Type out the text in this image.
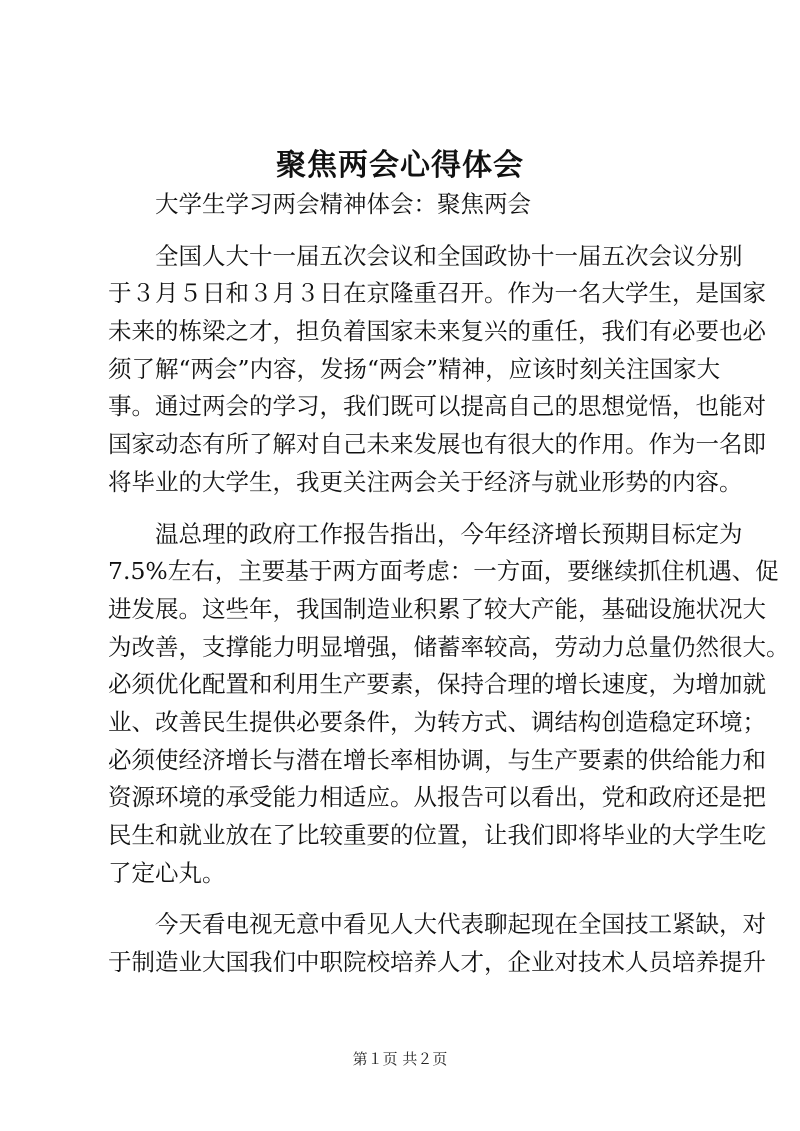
聚焦两会心得体会
大学生学习两会精神体会：聚焦两会
全 国 人 大 十 一 届 五 次 会 议 和 全 国 政 协 十 一 届 五 次 会 议 分 别
于 ３ 月 ５ 日 和 ３ 月 ３ 日 在 京 隆 重 召 开 。 作 为 一 名 大 学 生 ， 是 国 家
未 来 的 栋 梁 之 才 ， 担 负 着 国 家 未 来 复 兴 的 重 任 ， 我 们 有 必 要 也 必
须 了 解 “ 两 会 ” 内 容 ， 发 扬 “ 两 会 ” 精 神 ， 应 该 时 刻 关 注 国 家 大
事 。 通 过 两 会 的 学 习 ， 我 们 既 可 以 提 高 自 己 的 思 想 觉 悟 ， 也 能 对
国 家 动 态 有 所 了 解 对 自 己 未 来 发 展 也 有 很 大 的 作 用 。 作 为 一 名 即
将毕业的大学生，我更关注两会关于经济与就业形势的内容。
温 总 理 的 政 府 工 作 报 告 指 出 ， 今 年 经 济 增 长 预 期 目 标 定 为
7 . 5 % 左 右 ， 主 要 基 于 两 方 面 考 虑 ： 一 方 面 ， 要 继 续 抓 住 机 遇 、 促
进 发 展 。 这 些 年 ， 我 国 制 造 业 积 累 了 较 大 产 能 ， 基 础 设 施 状 况 大
为 改 善 ， 支 撑 能 力 明 显 增 强 ， 储 蓄 率 较 高 ， 劳 动 力 总 量 仍 然 很 大 。
必 须 优 化 配 置 和 利 用 生 产 要 素 ， 保 持 合 理 的 增 长 速 度 ， 为 增 加 就
业 、 改 善 民 生 提 供 必 要 条 件 ， 为 转 方 式 、 调 结 构 创 造 稳 定 环 境 ；
必 须 使 经 济 增 长 与 潜 在 增 长 率 相 协 调 ， 与 生 产 要 素 的 供 给 能 力 和
资 源 环 境 的 承 受 能 力 相 适 应 。 从 报 告 可 以 看 出 ， 党 和 政 府 还 是 把
民 生 和 就 业 放 在 了 比 较 重 要 的 位 置 ， 让 我 们 即 将 毕 业 的 大 学 生 吃
了定心丸。
今 天 看 电 视 无 意 中 看 见 人 大 代 表 聊 起 现 在 全 国 技 工 紧 缺 ， 对
于制造业大国我们中职院校培养人才，企业对技术人员培养提升
第１页 共２页
